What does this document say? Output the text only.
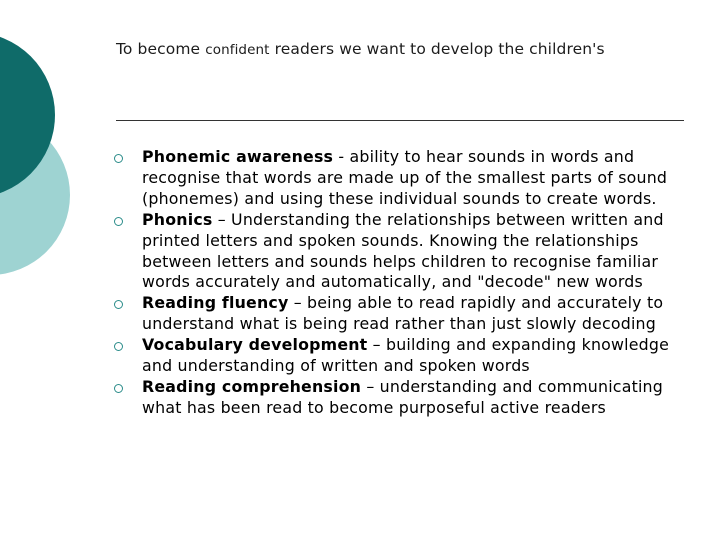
To become confident readers we want to develop the children's
Phonemic awareness - ability to hear sounds in words and recognise that words are made up of the smallest parts of sound (phonemes) and using these individual sounds to create words.
Phonics – Understanding the relationships between written and printed letters and spoken sounds. Knowing the relationships between letters and sounds helps children to recognise familiar words accurately and automatically, and "decode" new words
Reading fluency – being able to read rapidly and accurately to understand what is being read rather than just slowly decoding
Vocabulary development – building and expanding knowledge and understanding of written and spoken words
Reading comprehension – understanding and communicating what has been read to become purposeful active readers
